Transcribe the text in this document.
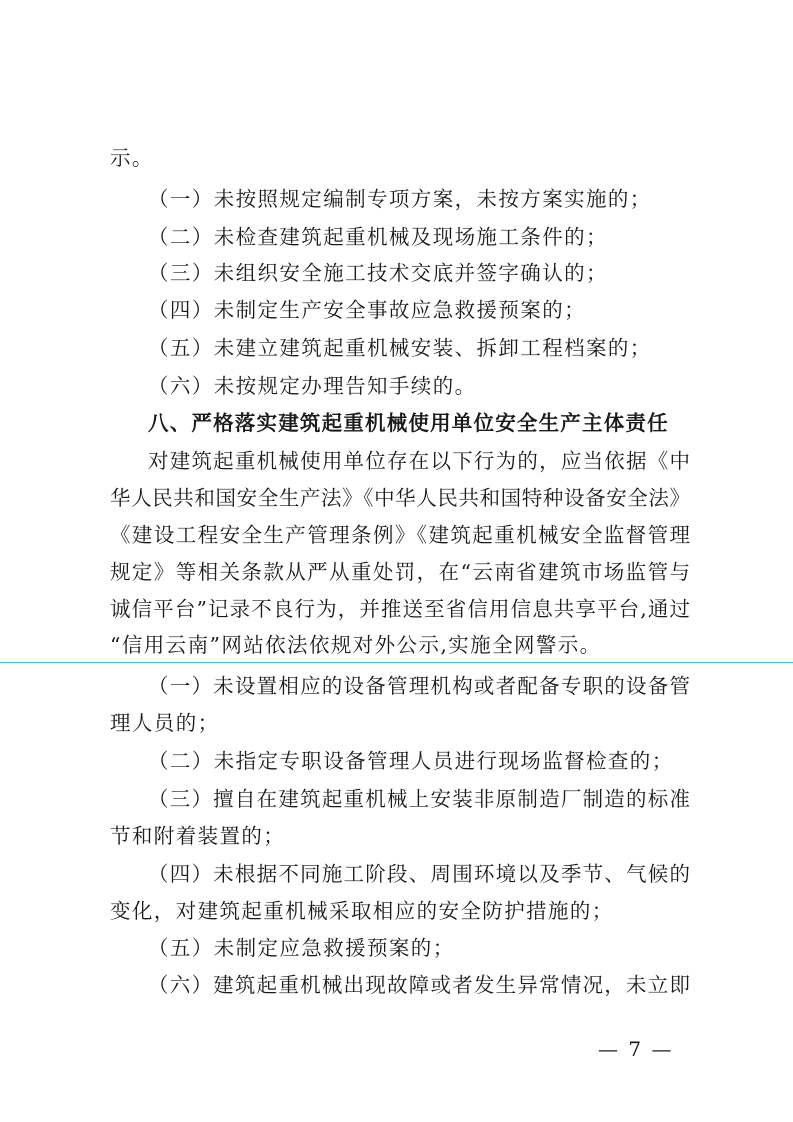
示。
（一）未按照规定编制专项方案，未按方案实施的；
（二）未检查建筑起重机械及现场施工条件的；
（三）未组织安全施工技术交底并签字确认的；
（四）未制定生产安全事故应急救援预案的；
（五）未建立建筑起重机械安装、拆卸工程档案的；
（六）未按规定办理告知手续的。
八、严格落实建筑起重机械使用单位安全生产主体责任
对建筑起重机械使用单位存在以下行为的，应当依据《中
华人民共和国安全生产法》《中华人民共和国特种设备安全法》
《建设工程安全生产管理条例》《建筑起重机械安全监督管理
规定》等相关条款从严从重处罚，在“云南省建筑市场监管与
诚信平台”记录不良行为，并推送至省信用信息共享平台,通过
“信用云南”网站依法依规对外公示,实施全网警示。
（一）未设置相应的设备管理机构或者配备专职的设备管
理人员的；
（二）未指定专职设备管理人员进行现场监督检查的；
（三）擅自在建筑起重机械上安装非原制造厂制造的标准
节和附着装置的；
（四）未根据不同施工阶段、周围环境以及季节、气候的
变化，对建筑起重机械采取相应的安全防护措施的；
（五）未制定应急救援预案的；
（六）建筑起重机械出现故障或者发生异常情况，未立即
— 7 —
